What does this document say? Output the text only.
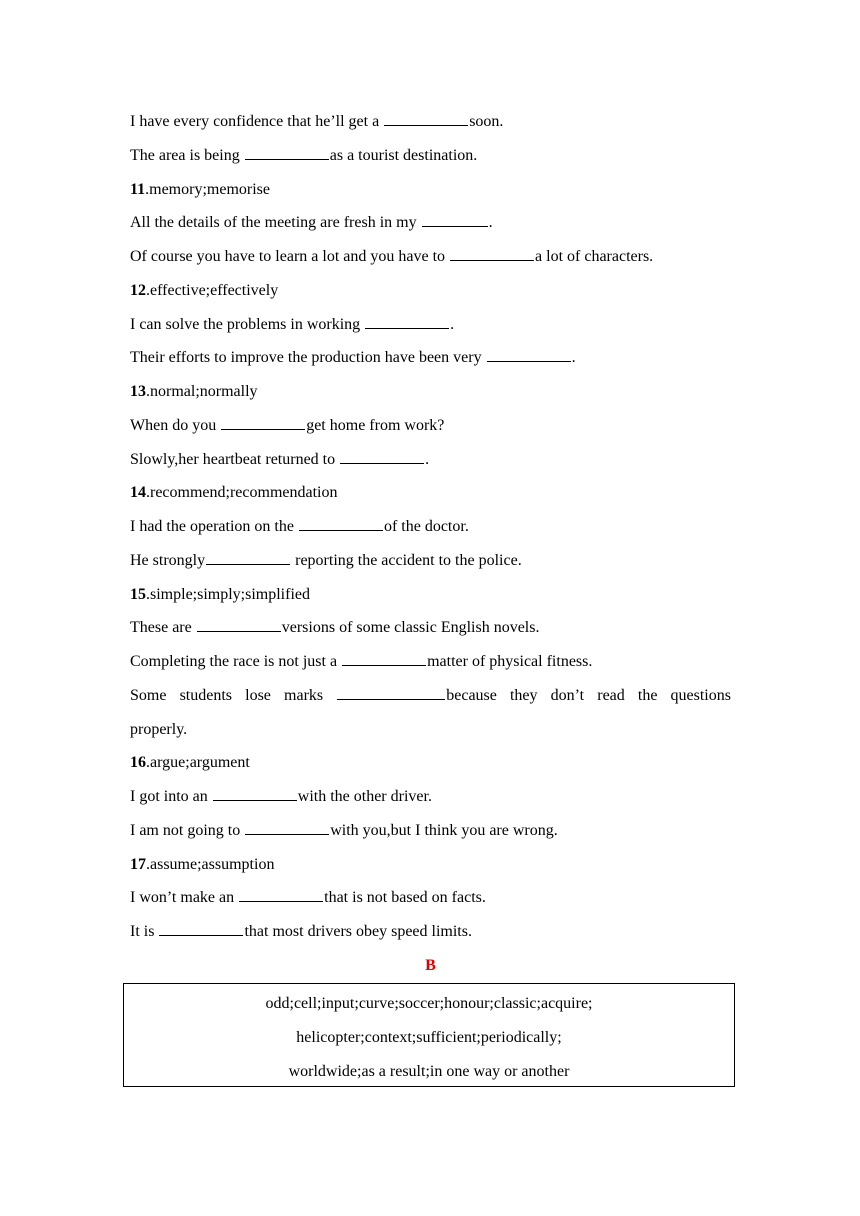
I have every confidence that he’ll get a	soon.
The area is being	as a tourist destination.
11.memory;memorise
All the details of the meeting are fresh in my	.
Of course you have to learn a lot and you have to	a lot of characters.
12.effective;effectively
I can solve the problems in working	.
Their efforts to improve the production have been very	.
13.normal;normally
When do you	get home from work?
Slowly,her heartbeat returned to	.
14.recommend;recommendation
I had the operation on the	of the doctor.
He strongly	reporting the accident to the police.
15.simple;simply;simplified
These are	versions of some classic English novels.
Completing the race is not just a	matter of physical fitness.
Some students lose marks	because they don’t read the questions
properly.
16.argue;argument
I got into an	with the other driver.
I am not going to	with you,but I think you are wrong.
17.assume;assumption
I won’t make an	that is not based on facts.
It is	that most drivers obey speed limits.
B
odd;cell;input;curve;soccer;honour;classic;acquire;
helicopter;context;sufficient;periodically;
worldwide;as a result;in one way or another
